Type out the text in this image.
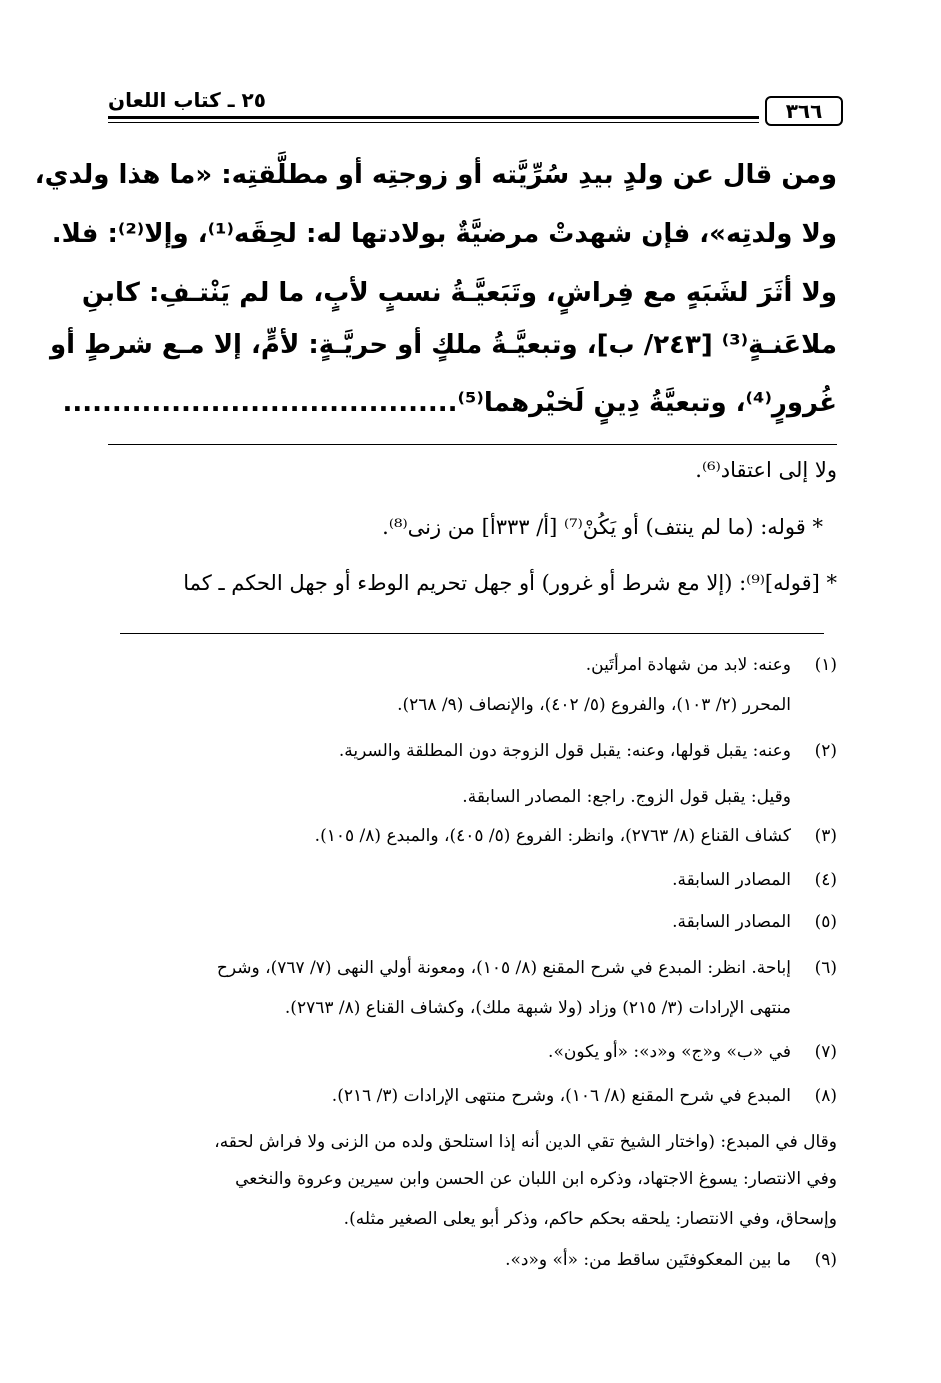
٣٦٦
٢٥ ـ كتاب اللعان
ومن قال عن ولدٍ بيدِ سُرِّيَّته أو زوجتِه أو مطلَّقتِه: «ما هذا ولدي،
ولا ولدتِه»، فإن شهدتْ مرضيَّةٌ بولادتها له: لحِقَه⁽¹⁾، وإلا⁽²⁾: فلا.
ولا أثَرَ لشَبَهٍ مع فِراشٍ، وتَبَعيَّـةُ نسبٍ لأبٍ، ما لم يَنْتـفِ: كابنِ
ملاعَنـةٍ⁽³⁾ [٢٤٣/ ب]، وتبعيَّـةُ ملكٍ أو حريَّـةٍ: لأمٍّ، إلا مـع شرطٍ أو
غُرورٍ⁽⁴⁾، وتبعيَّةُ دِينٍ لَخيْرهما⁽⁵⁾........................................
ولا إلى اعتقاد⁽⁶⁾.
* قوله: (ما لم ينتف) أو يَكُنْ⁽⁷⁾ [أ/ ٣٣٣أ] من زنى⁽⁸⁾.
* [قوله]⁽⁹⁾: (إلا مع شرط أو غرور) أو جهل تحريم الوطء أو جهل الحكم ـ كما
(١)وعنه: لابد من شهادة امرأتَين.
المحرر (٢/ ١٠٣)، والفروع (٥/ ٤٠٢)، والإنصاف (٩/ ٢٦٨).
(٢)وعنه: يقبل قولها، وعنه: يقبل قول الزوجة دون المطلقة والسرية.
وقيل: يقبل قول الزوج. راجع: المصادر السابقة.
(٣)كشاف القناع (٨/ ٢٧٦٣)، وانظر: الفروع (٥/ ٤٠٥)، والمبدع (٨/ ١٠٥).
(٤)المصادر السابقة.
(٥)المصادر السابقة.
(٦)إباحة. انظر: المبدع في شرح المقنع (٨/ ١٠٥)، ومعونة أولي النهى (٧/ ٧٦٧)، وشرح
منتهى الإرادات (٣/ ٢١٥) وزاد (ولا شبهة ملك)، وكشاف القناع (٨/ ٢٧٦٣).
(٧)في «ب» و«ج» و«د»: «أو يكون».
(٨)المبدع في شرح المقنع (٨/ ١٠٦)، وشرح منتهى الإرادات (٣/ ٢١٦).
وقال في المبدع: (واختار الشيخ تقي الدين أنه إذا استلحق ولده من الزنى ولا فراش لحقه،
وفي الانتصار: يسوغ الاجتهاد، وذكره ابن اللبان عن الحسن وابن سيرين وعروة والنخعي
وإسحاق، وفي الانتصار: يلحقه بحكم حاكم، وذكر أبو يعلى الصغير مثله).
(٩)ما بين المعكوفتَين ساقط من: «أ» و«د».
